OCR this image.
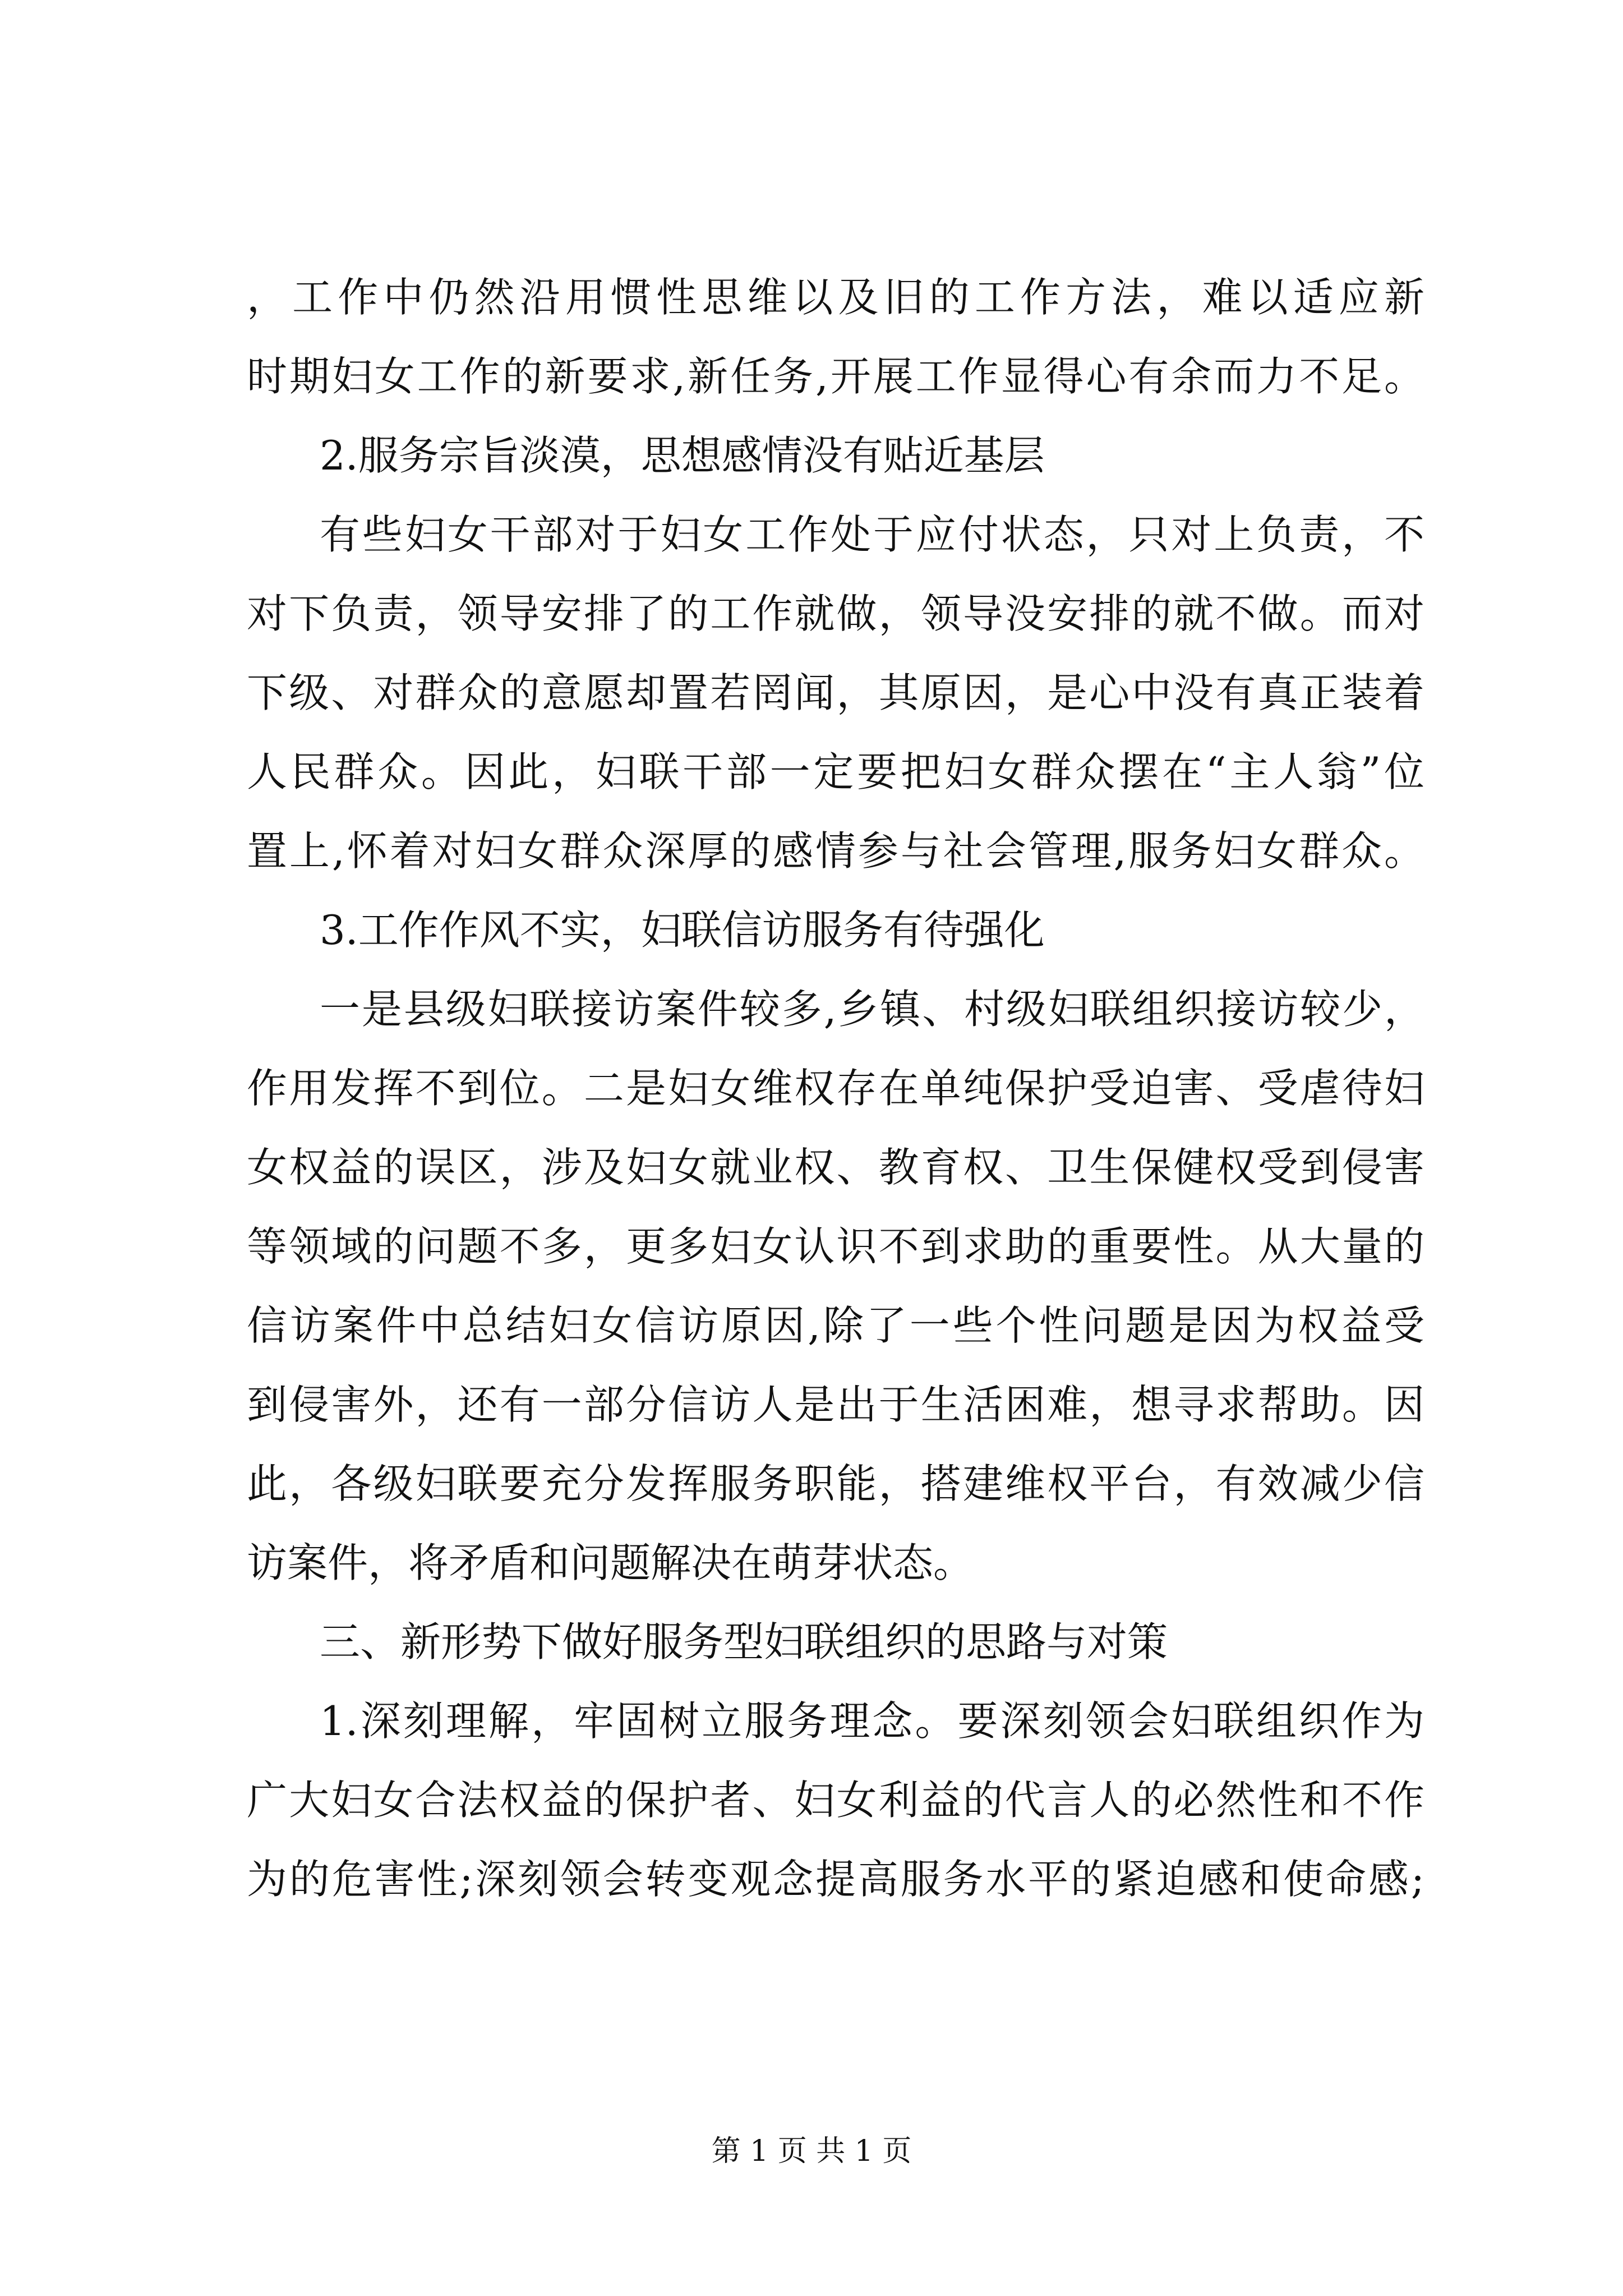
，工作中仍然沿用惯性思维以及旧的工作方法，难以适应新
时期妇女工作的新要求,新任务,开展工作显得心有余而力不足。
2.服务宗旨淡漠，思想感情没有贴近基层
有些妇女干部对于妇女工作处于应付状态，只对上负责，不
对下负责，领导安排了的工作就做，领导没安排的就不做。而对
下级、对群众的意愿却置若罔闻，其原因，是心中没有真正装着
人民群众。因此，妇联干部一定要把妇女群众摆在“主人翁”位
置上,怀着对妇女群众深厚的感情参与社会管理,服务妇女群众。
3.工作作风不实，妇联信访服务有待强化
一是县级妇联接访案件较多,乡镇、村级妇联组织接访较少，
作用发挥不到位。二是妇女维权存在单纯保护受迫害、受虐待妇
女权益的误区，涉及妇女就业权、教育权、卫生保健权受到侵害
等领域的问题不多，更多妇女认识不到求助的重要性。从大量的
信访案件中总结妇女信访原因,除了一些个性问题是因为权益受
到侵害外，还有一部分信访人是出于生活困难，想寻求帮助。因
此，各级妇联要充分发挥服务职能，搭建维权平台，有效减少信
访案件，将矛盾和问题解决在萌芽状态。
三、新形势下做好服务型妇联组织的思路与对策
1.深刻理解，牢固树立服务理念。要深刻领会妇联组织作为
广大妇女合法权益的保护者、妇女利益的代言人的必然性和不作
为的危害性;深刻领会转变观念提高服务水平的紧迫感和使命感;
第 1 页 共 1 页
